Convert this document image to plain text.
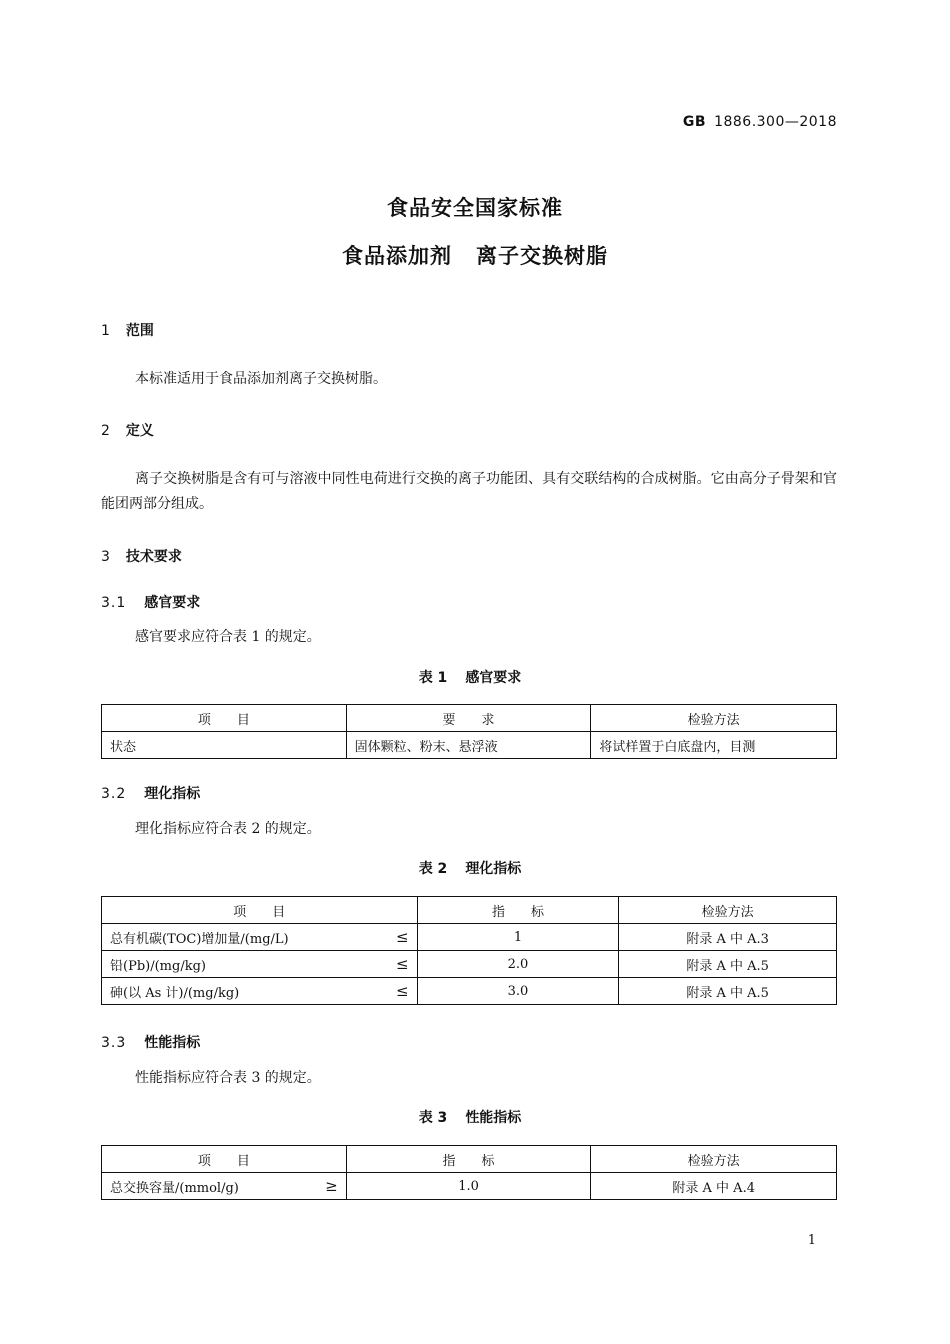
GB 1886.300—2018
食品安全国家标准
食品添加剂 离子交换树脂
1 范围
本标准适用于食品添加剂离子交换树脂。
2 定义
离子交换树脂是含有可与溶液中同性电荷进行交换的离子功能团、具有交联结构的合成树脂。它由高分子骨架和官能团两部分组成。
3 技术要求
3.1 感官要求
感官要求应符合表 1 的规定。
表 1 感官要求
项　　目	要　　求	检验方法
状态	固体颗粒、粉末、悬浮液	将试样置于白底盘内，目测
3.2 理化指标
理化指标应符合表 2 的规定。
表 2 理化指标
项　　目	指　　标	检验方法
总有机碳(TOC)增加量/(mg/L) ≤	1	附录 A 中 A.3
铅(Pb)/(mg/kg) ≤	2.0	附录 A 中 A.5
砷(以 As 计)/(mg/kg) ≤	3.0	附录 A 中 A.5
3.3 性能指标
性能指标应符合表 3 的规定。
表 3 性能指标
项　　目	指　　标	检验方法
总交换容量/(mmol/g) ≥	1.0	附录 A 中 A.4
1
